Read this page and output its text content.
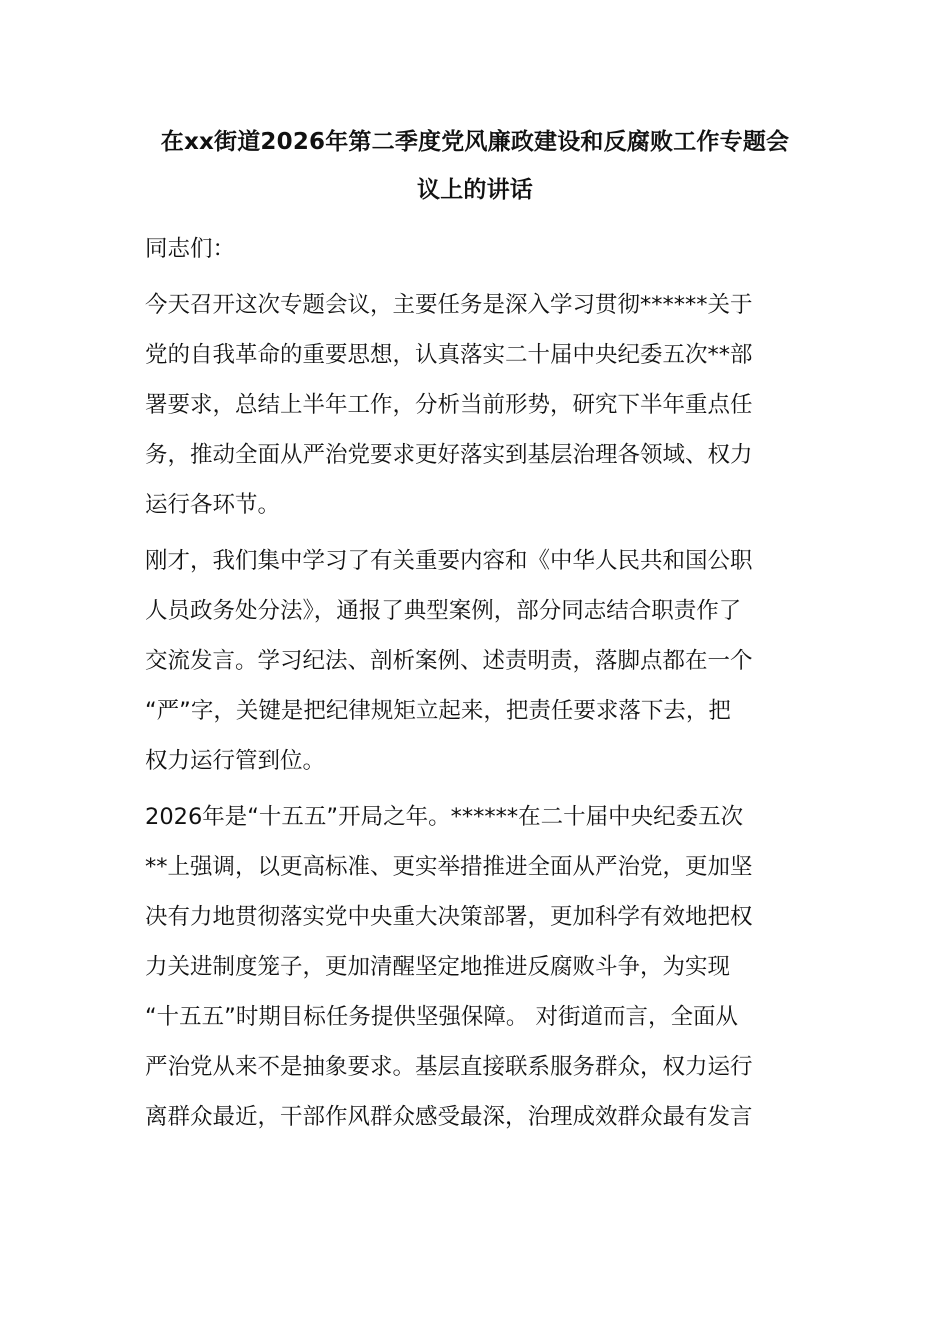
在xx街道2026年第二季度党风廉政建设和反腐败工作专题会
议上的讲话
同志们：
今天召开这次专题会议，主要任务是深入学习贯彻******关于
党的自我革命的重要思想，认真落实二十届中央纪委五次**部
署要求，总结上半年工作，分析当前形势，研究下半年重点任
务，推动全面从严治党要求更好落实到基层治理各领域、权力
运行各环节。
刚才，我们集中学习了有关重要内容和《中华人民共和国公职
人员政务处分法》，通报了典型案例，部分同志结合职责作了
交流发言。学习纪法、剖析案例、述责明责，落脚点都在一个
“严”字，关键是把纪律规矩立起来，把责任要求落下去，把
权力运行管到位。
2026年是“十五五”开局之年。******在二十届中央纪委五次
**上强调，以更高标准、更实举措推进全面从严治党，更加坚
决有力地贯彻落实党中央重大决策部署，更加科学有效地把权
力关进制度笼子，更加清醒坚定地推进反腐败斗争，为实现
“十五五”时期目标任务提供坚强保障。 对街道而言，全面从
严治党从来不是抽象要求。基层直接联系服务群众，权力运行
离群众最近，干部作风群众感受最深，治理成效群众最有发言
